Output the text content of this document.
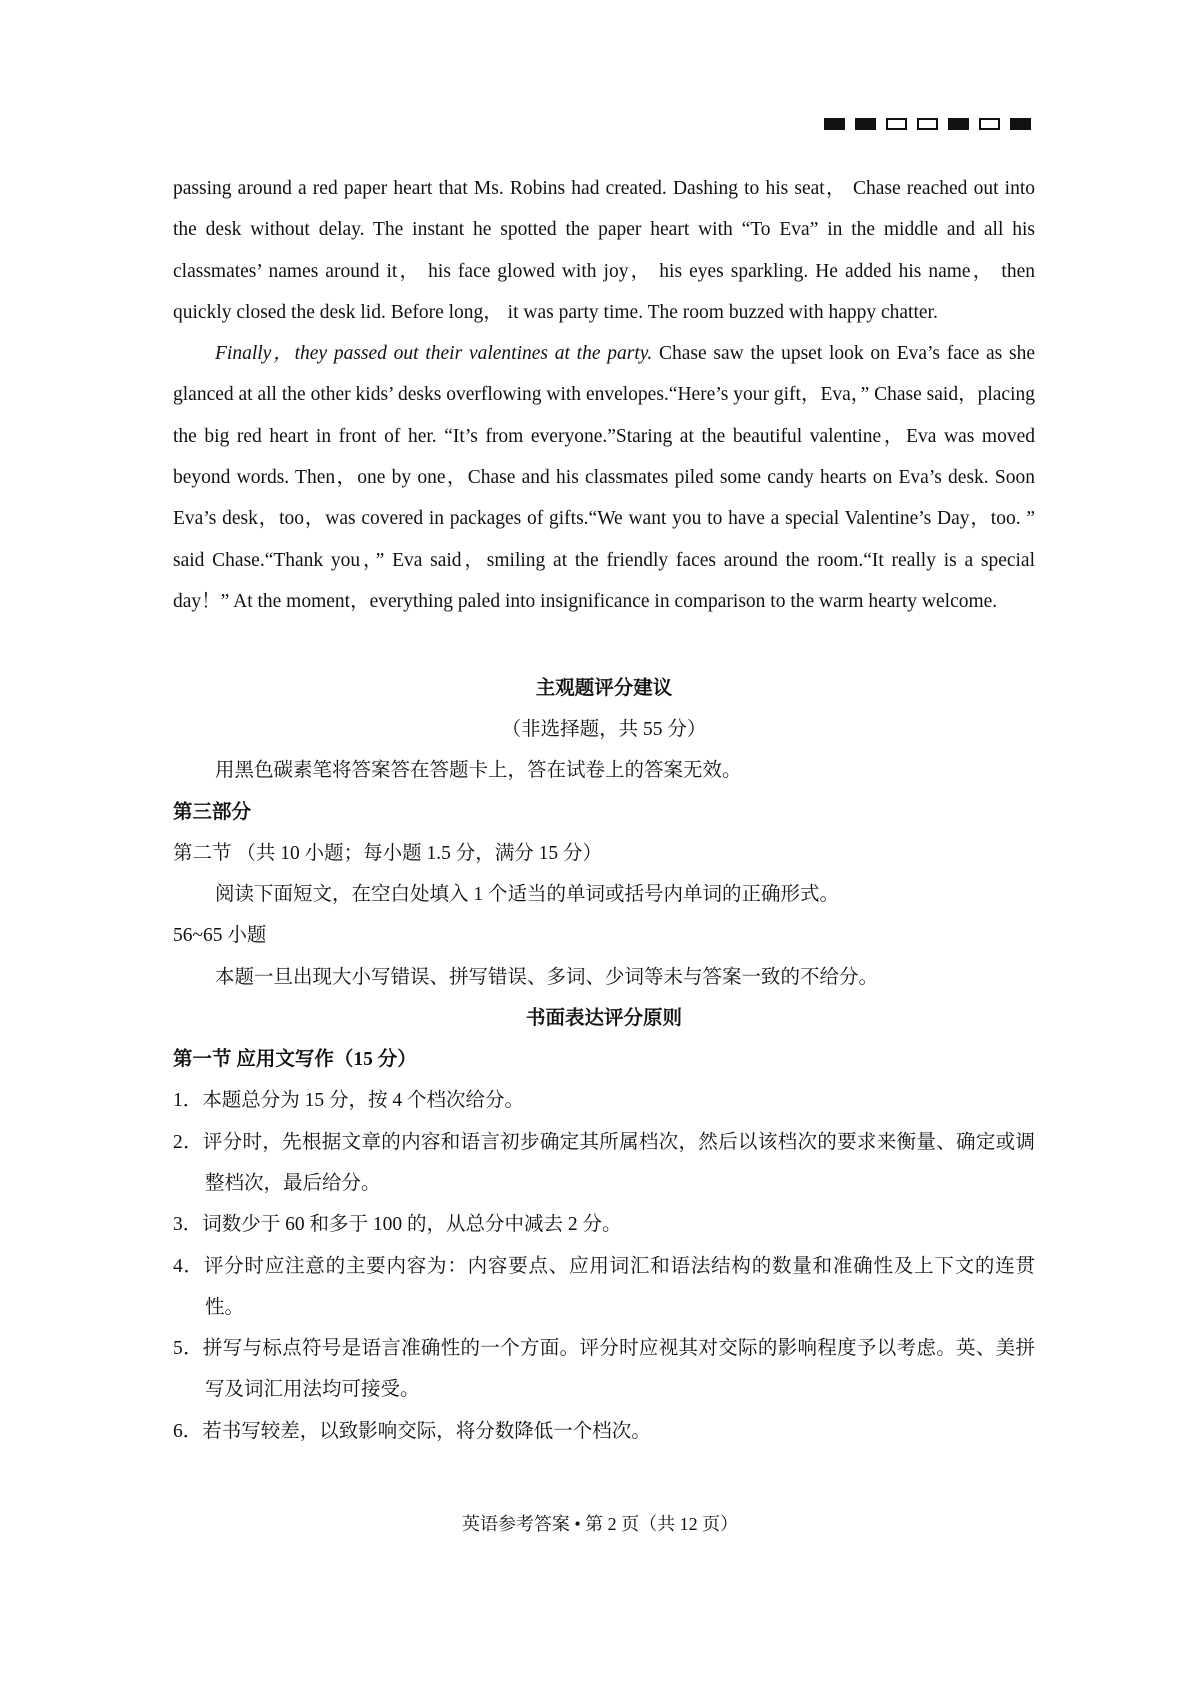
passing around a red paper heart that Ms. Robins had created. Dashing to his seat， Chase reached out into the desk without delay. The instant he spotted the paper heart with “To Eva” in the middle and all his classmates’ names around it， his face glowed with joy， his eyes sparkling. He added his name， then quickly closed the desk lid. Before long， it was party time. The room buzzed with happy chatter.

Finally，they passed out their valentines at the party. Chase saw the upset look on Eva’s face as she glanced at all the other kids’ desks overflowing with envelopes.“Here’s your gift，Eva，” Chase said，placing the big red heart in front of her. “It’s from everyone.”Staring at the beautiful valentine，Eva was moved beyond words. Then，one by one，Chase and his classmates piled some candy hearts on Eva’s desk. Soon Eva’s desk，too，was covered in packages of gifts.“We want you to have a special Valentine’s Day，too. ” said Chase.“Thank you，” Eva said，smiling at the friendly faces around the room.“It really is a special day！” At the moment，everything paled into insignificance in comparison to the warm hearty welcome.

主观题评分建议

（非选择题，共 55 分）

用黑色碳素笔将答案答在答题卡上，答在试卷上的答案无效。

第三部分

第二节 （共 10 小题；每小题 1.5 分，满分 15 分）

阅读下面短文，在空白处填入 1 个适当的单词或括号内单词的正确形式。

56~65 小题

本题一旦出现大小写错误、拼写错误、多词、少词等未与答案一致的不给分。

书面表达评分原则

第一节 应用文写作（15 分）

1．本题总分为 15 分，按 4 个档次给分。

2．评分时，先根据文章的内容和语言初步确定其所属档次，然后以该档次的要求来衡量、确定或调整档次，最后给分。

3．词数少于 60 和多于 100 的，从总分中减去 2 分。

4．评分时应注意的主要内容为：内容要点、应用词汇和语法结构的数量和准确性及上下文的连贯性。

5．拼写与标点符号是语言准确性的一个方面。评分时应视其对交际的影响程度予以考虑。英、美拼写及词汇用法均可接受。

6．若书写较差，以致影响交际，将分数降低一个档次。

英语参考答案 • 第 2 页（共 12 页）
